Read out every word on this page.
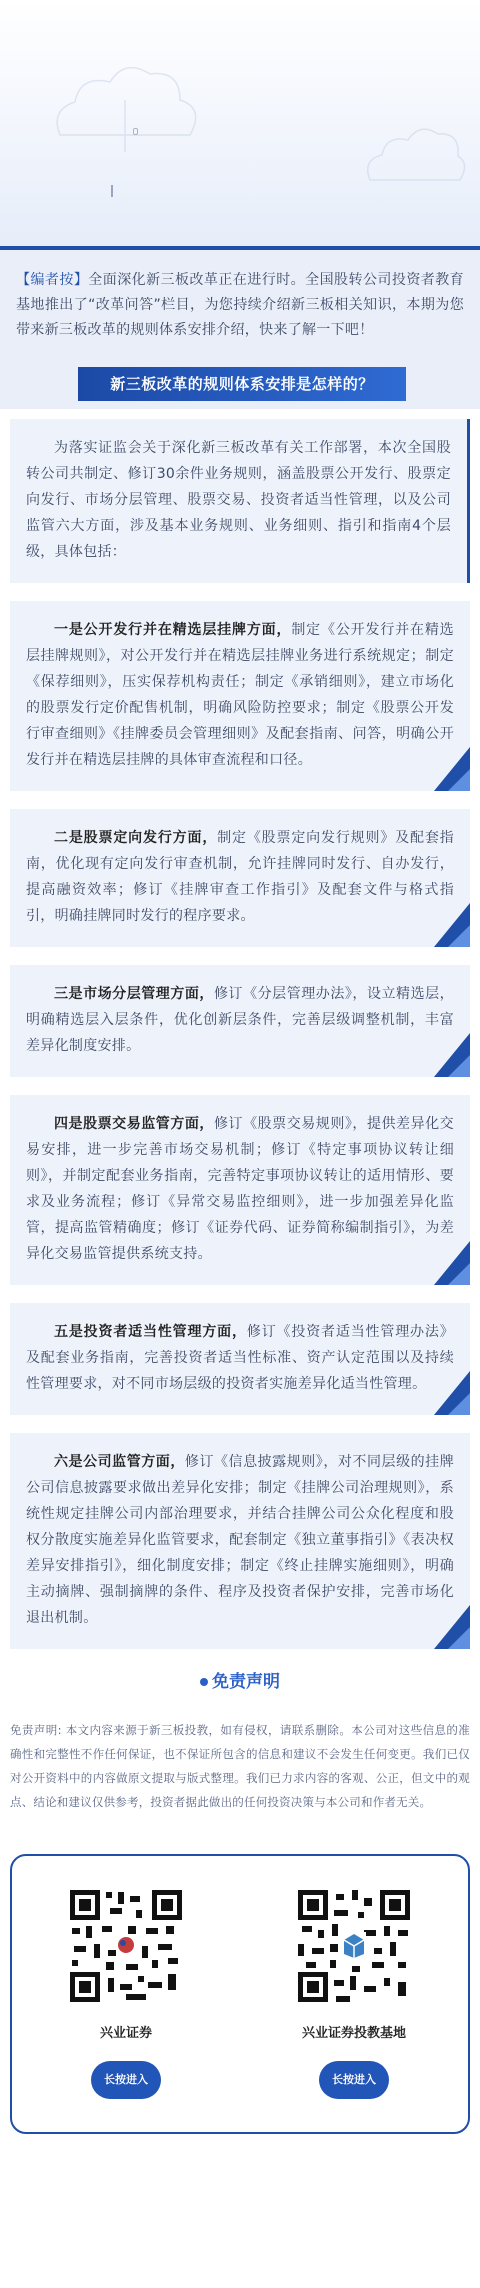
【编者按】全面深化新三板改革正在进行时。全国股转公司投资者教育基地推出了“改革问答”栏目，为您持续介绍新三板相关知识，本期为您带来新三板改革的规则体系安排介绍，快来了解一下吧！
新三板改革的规则体系安排是怎样的？
为落实证监会关于深化新三板改革有关工作部署，本次全国股转公司共制定、修订30余件业务规则，涵盖股票公开发行、股票定向发行、市场分层管理、股票交易、投资者适当性管理，以及公司监管六大方面，涉及基本业务规则、业务细则、指引和指南4个层级，具体包括：
一是公开发行并在精选层挂牌方面，制定《公开发行并在精选层挂牌规则》，对公开发行并在精选层挂牌业务进行系统规定；制定《保荐细则》，压实保荐机构责任；制定《承销细则》，建立市场化的股票发行定价配售机制，明确风险防控要求；制定《股票公开发行审查细则》《挂牌委员会管理细则》及配套指南、问答，明确公开发行并在精选层挂牌的具体审查流程和口径。
二是股票定向发行方面，制定《股票定向发行规则》及配套指南，优化现有定向发行审查机制，允许挂牌同时发行、自办发行，提高融资效率；修订《挂牌审查工作指引》及配套文件与格式指引，明确挂牌同时发行的程序要求。
三是市场分层管理方面，修订《分层管理办法》，设立精选层，明确精选层入层条件，优化创新层条件，完善层级调整机制，丰富差异化制度安排。
四是股票交易监管方面，修订《股票交易规则》，提供差异化交易安排，进一步完善市场交易机制；修订《特定事项协议转让细则》，并制定配套业务指南，完善特定事项协议转让的适用情形、要求及业务流程；修订《异常交易监控细则》，进一步加强差异化监管，提高监管精确度；修订《证券代码、证券简称编制指引》，为差异化交易监管提供系统支持。
五是投资者适当性管理方面，修订《投资者适当性管理办法》及配套业务指南，完善投资者适当性标准、资产认定范围以及持续性管理要求，对不同市场层级的投资者实施差异化适当性管理。
六是公司监管方面，修订《信息披露规则》，对不同层级的挂牌公司信息披露要求做出差异化安排；制定《挂牌公司治理规则》，系统性规定挂牌公司内部治理要求，并结合挂牌公司公众化程度和股权分散度实施差异化监管要求，配套制定《独立董事指引》《表决权差异安排指引》，细化制度安排；制定《终止挂牌实施细则》，明确主动摘牌、强制摘牌的条件、程序及投资者保护安排，完善市场化退出机制。
免责声明
免责声明: 本文内容来源于新三板投教，如有侵权，请联系删除。本公司对这些信息的准确性和完整性不作任何保证，也不保证所包含的信息和建议不会发生任何变更。我们已仅对公开资料中的内容做原文提取与版式整理。我们已力求内容的客观、公正，但文中的观点、结论和建议仅供参考，投资者据此做出的任何投资决策与本公司和作者无关。
兴业证券
长按进入
兴业证券投教基地
长按进入
